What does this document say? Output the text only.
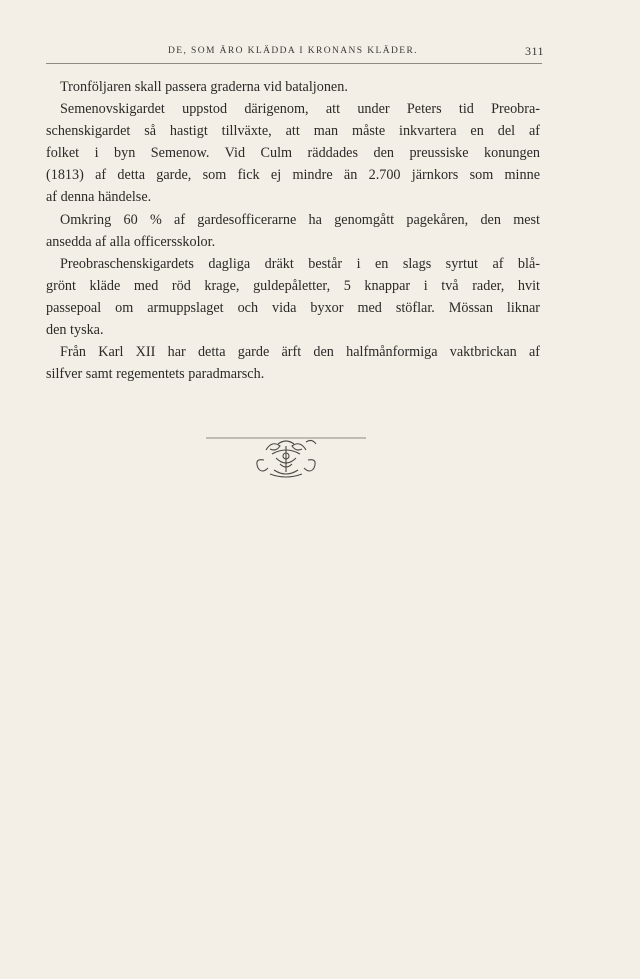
DE, SOM ÄRO KLÄDDA I KRONANS KLÄDER.	311
Tronföljaren skall passera graderna vid bataljonen.
Semenovskigardet uppstod därigenom, att under Peters tid Preobra-
schenskigardet så hastigt tillväxte, att man måste inkvartera en del af
folket i byn Semenow. Vid Culm räddades den preussiske konungen
(1813) af detta garde, som fick ej mindre än 2.700 järnkors som minne
af denna händelse.
Omkring 60 % af gardesofficerarne ha genomgått pagekåren, den mest
ansedda af alla officersskolor.
Preobraschenskigardets dagliga dräkt består i en slags syrtut af blå-
grönt kläde med röd krage, guldepåletter, 5 knappar i två rader, hvit
passepoal om armuppslaget och vida byxor med stöflar. Mössan liknar
den tyska.
Från Karl XII har detta garde ärft den halfmånformiga vaktbrickan af
silfver samt regementets paradmarsch.
